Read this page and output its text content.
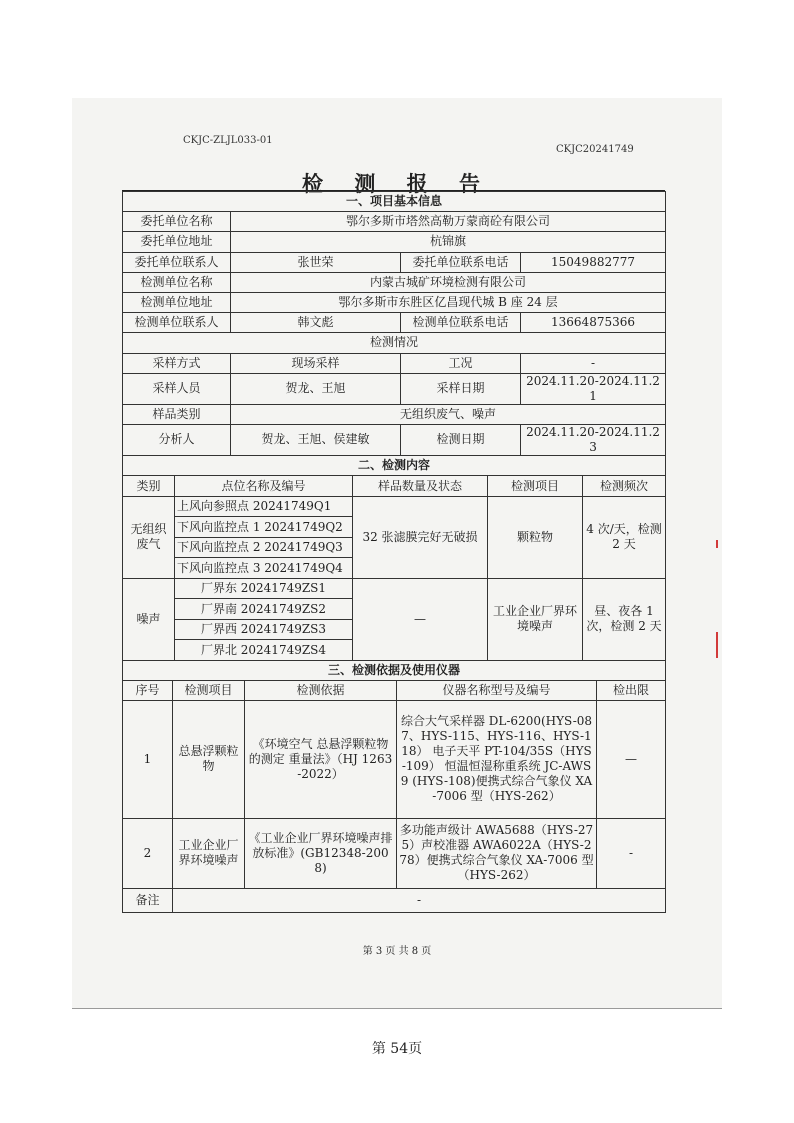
CKJC-ZLJL033-01
CKJC20241749
检 测 报 告
一、项目基本信息			
委托单位名称	鄂尔多斯市塔然高勒万蒙商砼有限公司		
委托单位地址	杭锦旗		
委托单位联系人	张世荣	委托单位联系电话	15049882777
检测单位名称	内蒙古城矿环境检测有限公司		
检测单位地址	鄂尔多斯市东胜区亿昌现代城 B 座 24 层		
检测单位联系人	韩文彪	检测单位联系电话	13664875366
检测情况			
采样方式	现场采样	工况	-
采样人员	贺龙、王旭	采样日期	2024.11.20-2024.11.21
样品类别	无组织废气、噪声		
分析人	贺龙、王旭、侯建敏	检测日期	2024.11.20-2024.11.23
二、检测内容				
类别	点位名称及编号	样品数量及状态	检测项目	检测频次
无组织废气	上风向参照点 20241749Q1	32 张滤膜完好无破损	颗粒物	4 次/天，检测 2 天
	下风向监控点 1 20241749Q2			
	下风向监控点 2 20241749Q3			
	下风向监控点 3 20241749Q4			
噪声	厂界东 20241749ZS1	—	工业企业厂界环境噪声	昼、夜各 1 次，检测 2 天
	厂界南 20241749ZS2			
	厂界西 20241749ZS3			
	厂界北 20241749ZS4			
三、检测依据及使用仪器				
序号	检测项目	检测依据	仪器名称型号及编号	检出限
1	总悬浮颗粒物	《环境空气 总悬浮颗粒物的测定 重量法》（HJ 1263-2022）	综合大气采样器 DL-6200(HYS-087、HYS-115、HYS-116、HYS-118） 电子天平 PT-104/35S（HYS-109） 恒温恒湿称重系统 JC-AWS9 (HYS-108)便携式综合气象仪 XA-7006 型（HYS-262）	—
2	工业企业厂界环境噪声	《工业企业厂界环境噪声排放标准》(GB12348-2008)	多功能声级计 AWA5688（HYS-275）声校准器 AWA6022A（HYS-278）便携式综合气象仪 XA-7006 型（HYS-262）	-
备注	-			
第 3 页 共 8 页
第 54页
